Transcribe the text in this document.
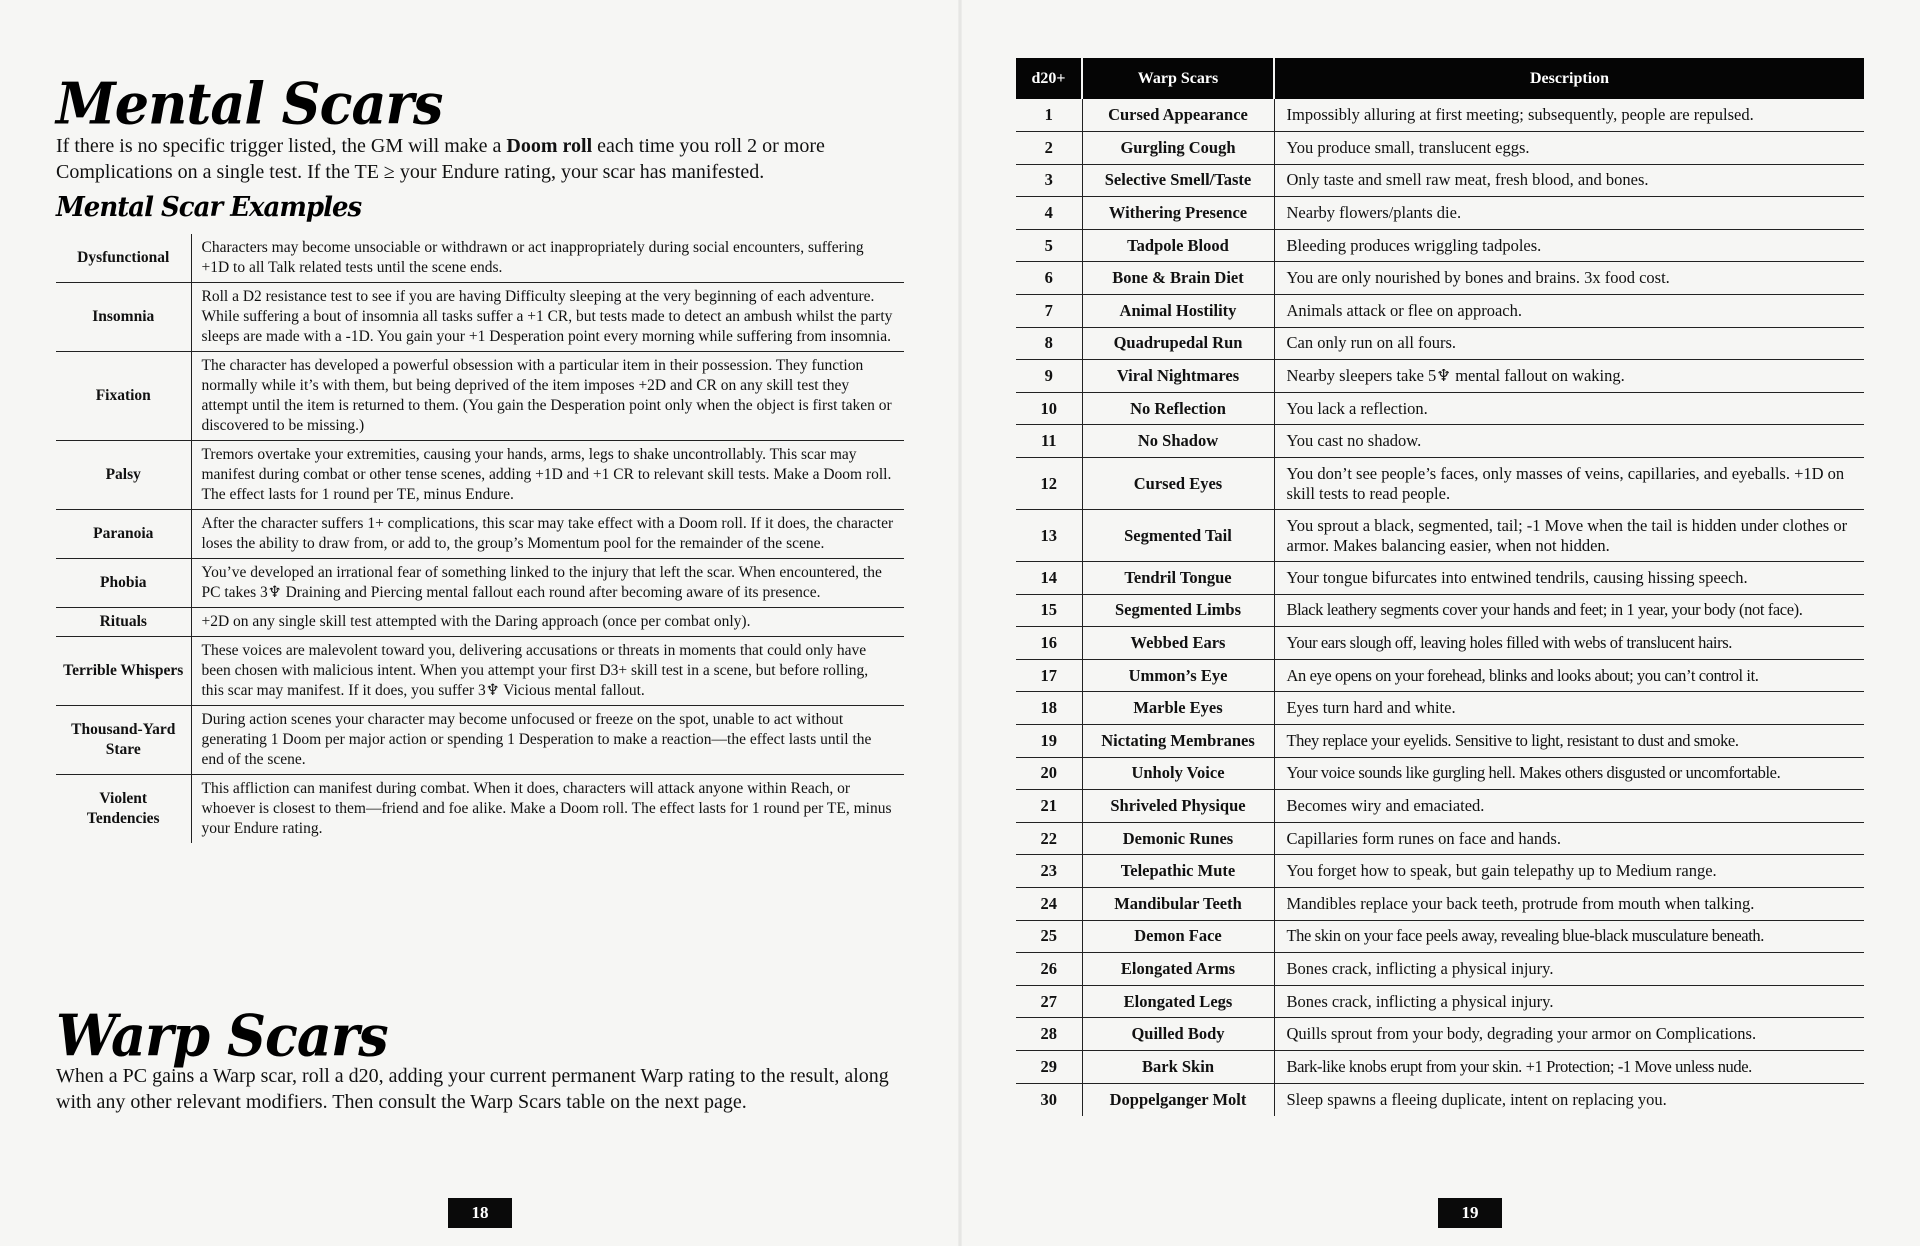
Mental Scars

If there is no specific trigger listed, the GM will make a Doom roll each time you roll 2 or more Complications on a single test. If the TE ≥ your Endure rating, your scar has manifested.

Mental Scar Examples
Dysfunctional	Characters may become unsociable or withdrawn or act inappropriately during social encounters, suffering +1D to all Talk related tests until the scene ends.
Insomnia	Roll a D2 resistance test to see if you are having Difficulty sleeping at the very beginning of each adventure. While suffering a bout of insomnia all tasks suffer a +1 CR, but tests made to detect an ambush whilst the party sleeps are made with a -1D. You gain your +1 Desperation point every morning while suffering from insomnia.
Fixation	The character has developed a powerful obsession with a particular item in their possession. They function normally while it’s with them, but being deprived of the item imposes +2D and CR on any skill test they attempt until the item is returned to them. (You gain the Desperation point only when the object is first taken or discovered to be missing.)
Palsy	Tremors overtake your extremities, causing your hands, arms, legs to shake uncontrollably. This scar may manifest during combat or other tense scenes, adding +1D and +1 CR to relevant skill tests. Make a Doom roll. The effect lasts for 1 round per TE, minus Endure.
Paranoia	After the character suffers 1+ complications, this scar may take effect with a Doom roll. If it does, the character loses the ability to draw from, or add to, the group’s Momentum pool for the remainder of the scene.
Phobia	You’ve developed an irrational fear of something linked to the injury that left the scar. When encountered, the PC takes 3♆ Draining and Piercing mental fallout each round after becoming aware of its presence.
Rituals	+2D on any single skill test attempted with the Daring approach (once per combat only).
Terrible Whispers	These voices are malevolent toward you, delivering accusations or threats in moments that could only have been chosen with malicious intent. When you attempt your first D3+ skill test in a scene, but before rolling, this scar may manifest. If it does, you suffer 3♆ Vicious mental fallout.
Thousand-Yard Stare	During action scenes your character may become unfocused or freeze on the spot, unable to act without generating 1 Doom per major action or spending 1 Desperation to make a reaction—the effect lasts until the end of the scene.
Violent Tendencies	This affliction can manifest during combat. When it does, characters will attack anyone within Reach, or whoever is closest to them—friend and foe alike. Make a Doom roll. The effect lasts for 1 round per TE, minus your Endure rating.
Warp Scars

When a PC gains a Warp scar, roll a d20, adding your current permanent Warp rating to the result, along with any other relevant modifiers. Then consult the Warp Scars table on the next page.

18
d20+	Warp Scars	Description
1	Cursed Appearance	Impossibly alluring at first meeting; subsequently, people are repulsed.
2	Gurgling Cough	You produce small, translucent eggs.
3	Selective Smell/Taste	Only taste and smell raw meat, fresh blood, and bones.
4	Withering Presence	Nearby flowers/plants die.
5	Tadpole Blood	Bleeding produces wriggling tadpoles.
6	Bone & Brain Diet	You are only nourished by bones and brains. 3x food cost.
7	Animal Hostility	Animals attack or flee on approach.
8	Quadrupedal Run	Can only run on all fours.
9	Viral Nightmares	Nearby sleepers take 5♆ mental fallout on waking.
10	No Reflection	You lack a reflection.
11	No Shadow	You cast no shadow.
12	Cursed Eyes	You don’t see people’s faces, only masses of veins, capillaries, and eyeballs. +1D on skill tests to read people.
13	Segmented Tail	You sprout a black, segmented, tail; -1 Move when the tail is hidden under clothes or armor. Makes balancing easier, when not hidden.
14	Tendril Tongue	Your tongue bifurcates into entwined tendrils, causing hissing speech.
15	Segmented Limbs	Black leathery segments cover your hands and feet; in 1 year, your body (not face).
16	Webbed Ears	Your ears slough off, leaving holes filled with webs of translucent hairs.
17	Ummon’s Eye	An eye opens on your forehead, blinks and looks about; you can’t control it.
18	Marble Eyes	Eyes turn hard and white.
19	Nictating Membranes	They replace your eyelids. Sensitive to light, resistant to dust and smoke.
20	Unholy Voice	Your voice sounds like gurgling hell. Makes others disgusted or uncomfortable.
21	Shriveled Physique	Becomes wiry and emaciated.
22	Demonic Runes	Capillaries form runes on face and hands.
23	Telepathic Mute	You forget how to speak, but gain telepathy up to Medium range.
24	Mandibular Teeth	Mandibles replace your back teeth, protrude from mouth when talking.
25	Demon Face	The skin on your face peels away, revealing blue-black musculature beneath.
26	Elongated Arms	Bones crack, inflicting a physical injury.
27	Elongated Legs	Bones crack, inflicting a physical injury.
28	Quilled Body	Quills sprout from your body, degrading your armor on Complications.
29	Bark Skin	Bark-like knobs erupt from your skin. +1 Protection; -1 Move unless nude.
30	Doppelganger Molt	Sleep spawns a fleeing duplicate, intent on replacing you.
19
